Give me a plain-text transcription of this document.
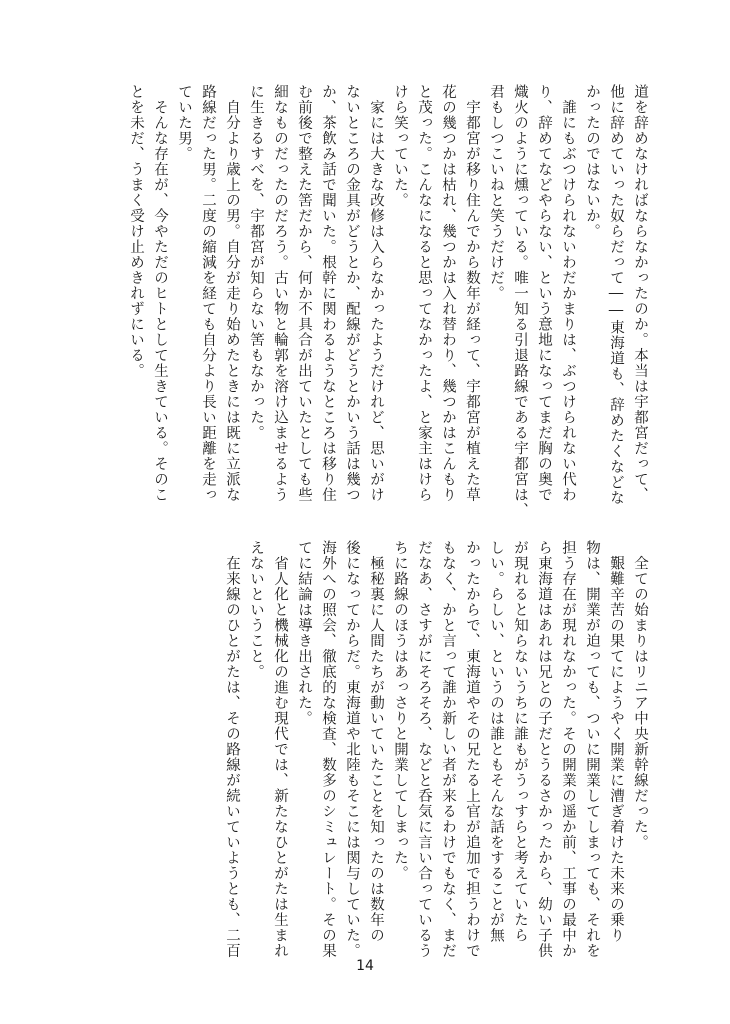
道を辞めなければならなかったのか。本当は宇都宮だって、
他に辞めていった奴らだって――東海道も、辞めたくなどな
かったのではないか。
　誰にもぶつけられないわだかまりは、ぶつけられない代わ
り、辞めてなどやらない、という意地になってまだ胸の奥で
熾火のように燻っている。唯一知る引退路線である宇都宮は、
君もしつこいねと笑うだけだ。
　宇都宮が移り住んでから数年が経って、宇都宮が植えた草
花の幾つかは枯れ、幾つかは入れ替わり、幾つかはこんもり
と茂った。こんなになると思ってなかったよ、と家主はけら
けら笑っていた。
　家には大きな改修は入らなかったようだけれど、思いがけ
ないところの金具がどうとか、配線がどうとかいう話は幾つ
か、茶飲み話で聞いた。根幹に関わるようなところは移り住
む前後で整えた筈だから、何か不具合が出ていたとしても些
細なものだったのだろう。古い物と輪郭を溶け込ませるよう
に生きるすべを、宇都宮が知らない筈もなかった。
　自分より歳上の男。自分が走り始めたときには既に立派な
路線だった男。二度の縮減を経ても自分より長い距離を走っ
ていた男。
　そんな存在が、今やただのヒトとして生きている。そのこ
とを未だ、うまく受け止めきれずにいる。
　全ての始まりはリニア中央新幹線だった。
　艱難辛苦の果てにようやく開業に漕ぎ着けた未来の乗り
物は、開業が迫っても、ついに開業してしまっても、それを
担う存在が現れなかった。その開業の遥か前、工事の最中か
ら東海道はあれは兄との子だとうるさかったから、幼い子供
が現れると知らないうちに誰もがうっすらと考えていたら
しい。らしい、というのは誰ともそんな話をすることが無
かったからで、東海道やその兄たる上官が追加で担うわけで
もなく、かと言って誰か新しい者が来るわけでもなく、まだ
だなあ、さすがにそろそろ、などと呑気に言い合っているう
ちに路線のほうはあっさりと開業してしまった。
　極秘裏に人間たちが動いていたことを知ったのは数年の
後になってからだ。東海道や北陸もそこには関与していた。
海外への照会、徹底的な検査、数多のシミュレート。その果
てに結論は導き出された。
　省人化と機械化の進む現代では、新たなひとがたは生まれ
えないということ。
　在来線のひとがたは、その路線が続いていようとも、二百
14
